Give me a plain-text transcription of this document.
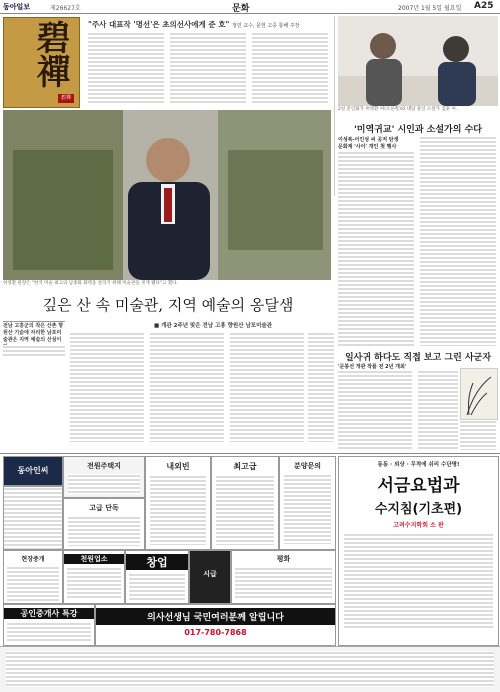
동아일보	제26627호	문화	2007년 1월 5일 월요일 A25
"주사 대표작 '명선'은 초의선사에게 준 호" 정민 교수, 문헌 고증 통해 주장
碧禪
碧禪
2일 문인화가 허영환 씨(오른쪽)와 대담 중인 소설가 김훈 씨.
'미역귀교' 시인과 소설가의 수다
이성복-이인성 씨 공저 탄생
문화계 '사이' 개인 첫 행사
허영환 관장은 "한국 미술 최고의 남종화 화맥을 살리기 위해 미술관을 짓게 됐다"고 했다.
깊은 산 속 미술관, 지역 예술의 옹달샘
전남 고흥군의 작은 산촌 향원산 기슭에 자리한 남포미술관은 지역 예술의 산실이
■ 개관 2주년 맞은 전남 고흥 향원산 남포미술관
일사귀 하다도 직접 보고 그린 사군자
'문봉선 개관 작품 전 2년 개최'
동아인씨	전원주택지
고급 단독
내외빈	최고급	분양문의
현장중개	천원업소	창업
시급
평화
공인중개사 특강	의사선생님 국민여러분께 알립니다
017-780-7868
동동 · 외상 · 무적에 쉬리 수단명!
서금요법과
수지침(기초편)
고려수지학회 소 판
